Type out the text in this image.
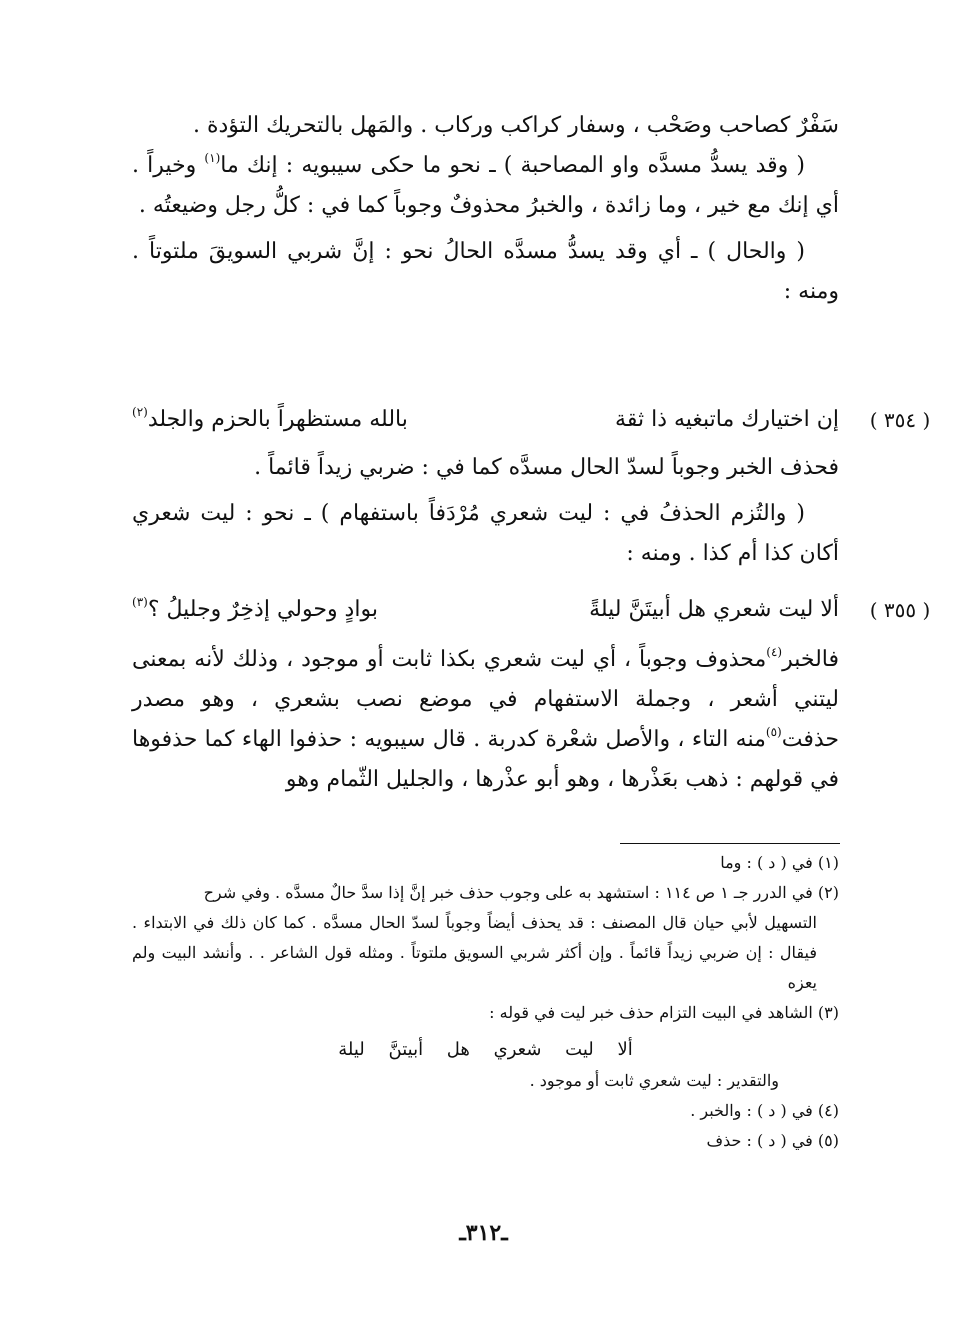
سَفْرٌ كصاحب وصَحْب ، وسفار كراكب وركاب . والمَهل بالتحريك التؤدة .

( وقد يسدُّ مسدَّه واو المصاحبة ) ـ نحو ما حكى سيبويه : إنك ما$^{(١)}$ وخيراً . أي إنك مع خير ، وما زائدة ، والخبرُ محذوفٌ وجوباً كما في : كلُّ رجل وضيعتُه .

( والحال ) ـ أي وقد يسدُّ مسدَّه الحالُ نحو : إنَّ شربي السويقَ ملتوتاً . ومنه :

( ٣٥٤ )
إن اختيارك ماتبغيه ذا ثقة
بالله مستظهراً بالحزم والجلد$^{(٢)}$

فحذف الخبر وجوباً لسدّ الحال مسدَّه كما في : ضربي زيداً قائماً .

( والتُزم الحذفُ في : ليت شعري مُرْدَفاً باستفهام ) ـ نحو : ليت شعري أكان كذا أم كذا . ومنه :

( ٣٥٥ )
ألا ليت شعري هل أبيتَنَّ ليلةً
بوادٍ وحولي إذخِرٌ وجليلُ ؟$^{(٣)}$

فالخبر$^{(٤)}$محذوف وجوباً ، أي ليت شعري بكذا ثابت أو موجود ، وذلك لأنه بمعنى ليتني أشعر ، وجملة الاستفهام في موضع نصب بشعري ، وهو مصدر حذفت$^{(٥)}$منه التاء ، والأصل شعْرة كدربة . قال سيبويه : حذفوا الهاء كما حذفوها في قولهم : ذهب بعَذْرها ، وهو أبو عذْرها ، والجليل الثّمام وهو

(١) في ( د ) : وما

(٢) في الدرر جـ ١ ص ١١٤ : استشهد به على وجوب حذف خبر إنَّ إذا سدَّ حالٌ مسدَّه . وفي شرح

التسهيل لأبي حيان قال المصنف : قد يحذف أيضاً وجوباً لسدّ الحال مسدَّه . كما كان ذلك في الابتداء . فيقال : إن ضربي زيداً قائماً . وإن أكثر شربي السويق ملتوتاً . ومثله قول الشاعر . . وأنشد البيت ولم يعزه

(٣) الشاهد في البيت التزام حذف خبر ليت في قوله :

ألا ليت شعري هل أبيتنَّ ليلة

والتقدير : ليت شعري ثابت أو موجود .

(٤) في ( د ) : والخبر .

(٥) في ( د ) : حذف

ـ٣١٢ـ
